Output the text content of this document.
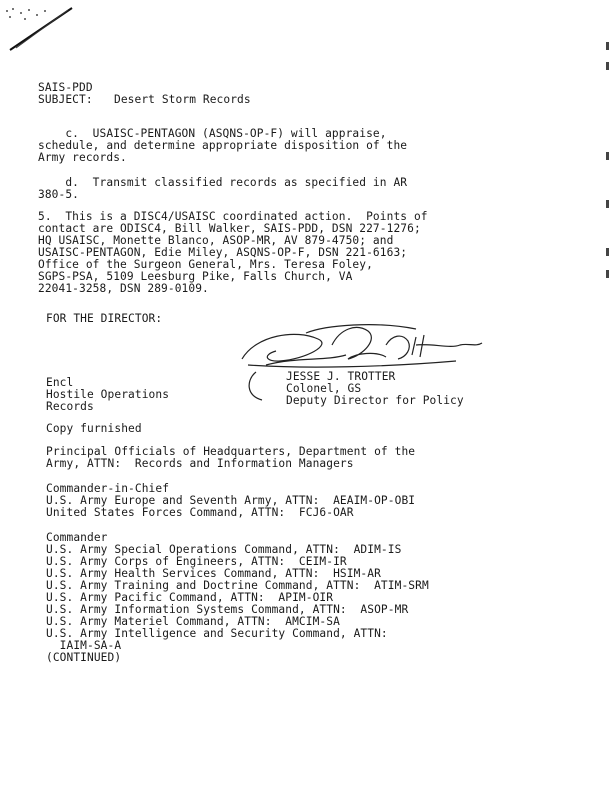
SAIS-PDD
SUBJECT: Desert Storm Records
c.  USAISC-PENTAGON (ASQNS-OP-F) will appraise,
schedule, and determine appropriate disposition of the
Army records.
d.  Transmit classified records as specified in AR
380-5.
5.  This is a DISC4/USAISC coordinated action.  Points of
contact are ODISC4, Bill Walker, SAIS-PDD, DSN 227-1276;
HQ USAISC, Monette Blanco, ASOP-MR, AV 879-4750; and
USAISC-PENTAGON, Edie Miley, ASQNS-OP-F, DSN 221-6163;
Office of the Surgeon General, Mrs. Teresa Foley,
SGPS-PSA, 5109 Leesburg Pike, Falls Church, VA
22041-3258, DSN 289-0109.
FOR THE DIRECTOR:
JESSE J. TROTTER
Colonel, GS
Deputy Director for Policy
Encl
Hostile Operations
Records
Copy furnished
Principal Officials of Headquarters, Department of the
Army, ATTN:  Records and Information Managers
Commander-in-Chief
U.S. Army Europe and Seventh Army, ATTN:  AEAIM-OP-OBI
United States Forces Command, ATTN:  FCJ6-OAR
Commander
U.S. Army Special Operations Command, ATTN:  ADIM-IS
U.S. Army Corps of Engineers, ATTN:  CEIM-IR
U.S. Army Health Services Command, ATTN:  HSIM-AR
U.S. Army Training and Doctrine Command, ATTN:  ATIM-SRM
U.S. Army Pacific Command, ATTN:  APIM-OIR
U.S. Army Information Systems Command, ATTN:  ASOP-MR
U.S. Army Materiel Command, ATTN:  AMCIM-SA
U.S. Army Intelligence and Security Command, ATTN:
IAIM-SA-A
(CONTINUED)
